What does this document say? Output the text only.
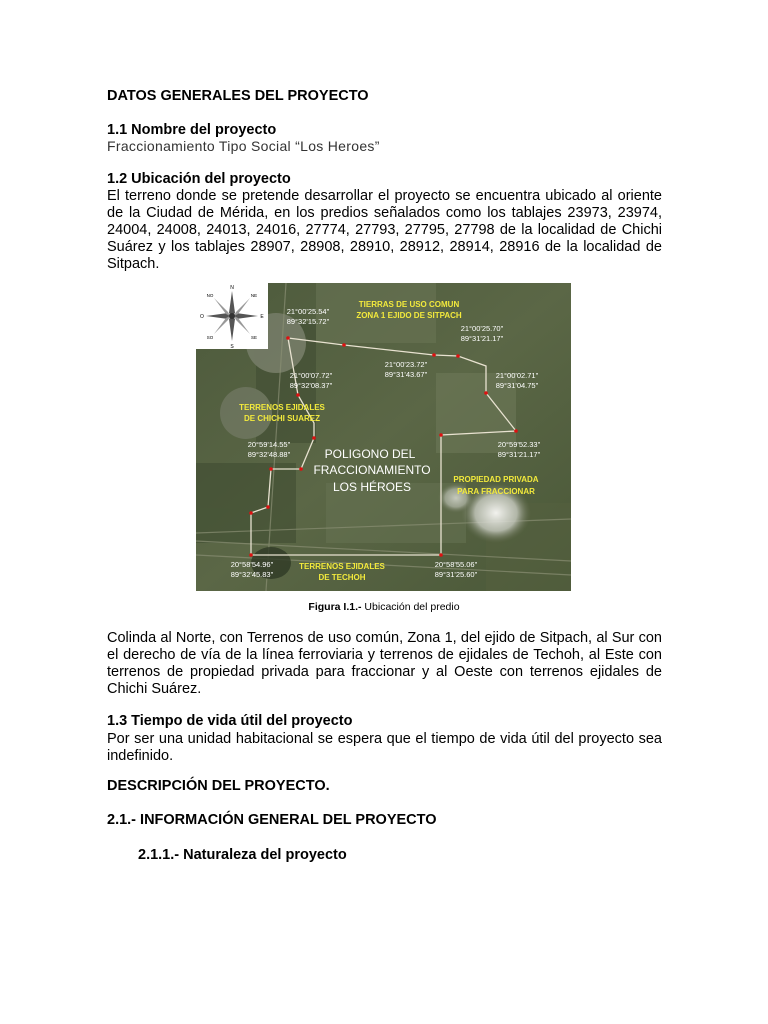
DATOS GENERALES DEL PROYECTO
1.1 Nombre del proyecto
Fraccionamiento Tipo Social “Los Heroes”
1.2 Ubicación del proyecto

El terreno donde se pretende desarrollar el proyecto se encuentra ubicado al oriente de la Ciudad de Mérida, en los predios señalados como los tablajes 23973, 23974, 24004, 24008, 24013, 24016, 27774, 27793, 27795, 27798 de la localidad de Chichi Suárez y los tablajes 28907, 28908, 28910, 28912, 28914, 28916 de la localidad de Sitpach.

N
S
E
O
NE
NO
SE
SO
TIERRAS DE USO COMUN
ZONA 1 EJIDO DE SITPACH
TERRENOS EJIDALES
DE CHICHI SUAREZ
PROPIEDAD PRIVADA
PARA FRACCIONAR
TERRENOS EJIDALES
DE TECHOH
POLIGONO DEL
FRACCIONAMIENTO
LOS HÉROES
21°00'25.54"
89°32'15.72"
21°00'25.70"
89°31'21.17"
21°00'23.72"
89°31'43.67"
21°00'07.72"
89°32'08.37"
21°00'02.71"
89°31'04.75"
20°59'14.55"
89°32'48.88"
20°59'52.33"
89°31'21.17"
20°58'54.96"
89°32'45.83"
20°58'55.06"
89°31'25.60"
Figura I.1.- Ubicación del predio

Colinda al Norte, con Terrenos de uso común, Zona 1, del ejido de Sitpach, al Sur con el derecho de vía de la línea ferroviaria y terrenos de ejidales de Techoh, al Este con terrenos de propiedad privada para fraccionar y al Oeste con terrenos ejidales de Chichi Suárez.

1.3 Tiempo de vida útil del proyecto

Por ser una unidad habitacional se espera que el tiempo de vida útil del proyecto sea indefinido.

DESCRIPCIÓN DEL PROYECTO.
2.1.- INFORMACIÓN GENERAL DEL PROYECTO
2.1.1.- Naturaleza del proyecto
